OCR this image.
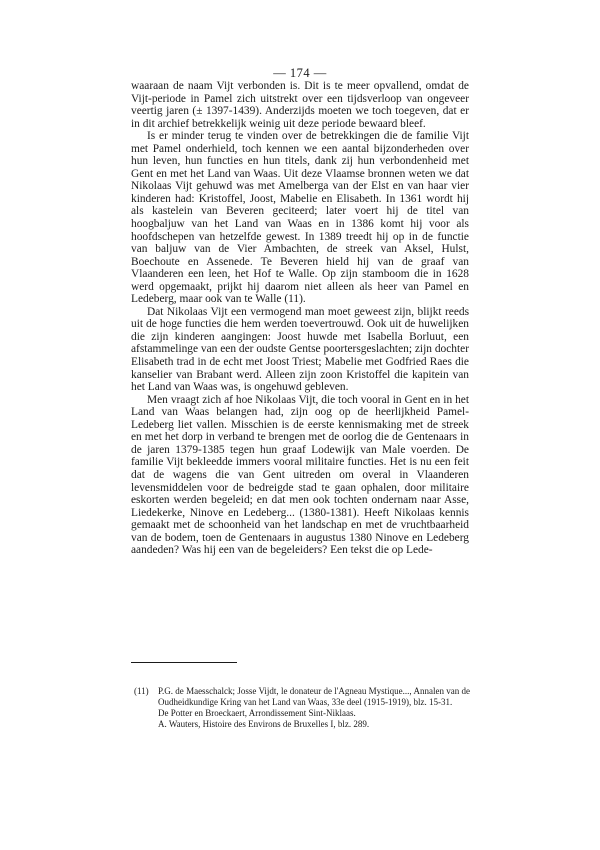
— 174 —

waaraan de naam Vijt verbonden is. Dit is te meer opvallend, omdat de Vijt-periode in Pamel zich uitstrekt over een tijdsverloop van ongeveer veertig jaren (± 1397-1439). Anderzijds moeten we toch toegeven, dat er in dit archief betrekkelijk weinig uit deze periode bewaard bleef.

Is er minder terug te vinden over de betrekkingen die de familie Vijt met Pamel onderhield, toch kennen we een aantal bijzonderheden over hun leven, hun functies en hun titels, dank zij hun verbondenheid met Gent en met het Land van Waas. Uit deze Vlaamse bronnen weten we dat Nikolaas Vijt gehuwd was met Amelberga van der Elst en van haar vier kinderen had: Kristoffel, Joost, Mabelie en Elisabeth. In 1361 wordt hij als kastelein van Beveren geciteerd; later voert hij de titel van hoogbaljuw van het Land van Waas en in 1386 komt hij voor als hoofdschepen van hetzelfde gewest. In 1389 treedt hij op in de functie van baljuw van de Vier Ambachten, de streek van Aksel, Hulst, Boechoute en Assenede. Te Beveren hield hij van de graaf van Vlaanderen een leen, het Hof te Walle. Op zijn stamboom die in 1628 werd opgemaakt, prijkt hij daarom niet alleen als heer van Pamel en Ledeberg, maar ook van te Walle (11).

Dat Nikolaas Vijt een vermogend man moet geweest zijn, blijkt reeds uit de hoge functies die hem werden toevertrouwd. Ook uit de huwelijken die zijn kinderen aangingen: Joost huwde met Isabella Borluut, een afstammelinge van een der oudste Gentse poortersgeslachten; zijn dochter Elisabeth trad in de echt met Joost Triest; Mabelie met Godfried Raes die kanselier van Brabant werd. Alleen zijn zoon Kristoffel die kapitein van het Land van Waas was, is ongehuwd gebleven.

Men vraagt zich af hoe Nikolaas Vijt, die toch vooral in Gent en in het Land van Waas belangen had, zijn oog op de heerlijkheid Pamel-Ledeberg liet vallen. Misschien is de eerste kennismaking met de streek en met het dorp in verband te brengen met de oorlog die de Gentenaars in de jaren 1379-1385 tegen hun graaf Lodewijk van Male voerden. De familie Vijt bekleedde immers vooral militaire functies. Het is nu een feit dat de wagens die van Gent uitreden om overal in Vlaanderen levensmiddelen voor de bedreigde stad te gaan ophalen, door militaire eskorten werden begeleid; en dat men ook tochten ondernam naar Asse, Liedekerke, Ninove en Ledeberg... (1380-1381). Heeft Nikolaas kennis gemaakt met de schoonheid van het landschap en met de vruchtbaarheid van de bodem, toen de Gentenaars in augustus 1380 Ninove en Ledeberg aandeden? Was hij een van de begeleiders? Een tekst die op Lede-

(11)	P.G. de Maesschalck; Josse Vijdt, le donateur de l'Agneau Mystique..., Annalen van de Oudheidkundige Kring van het Land van Waas, 33e deel (1915-1919), blz. 15-31.
De Potter en Broeckaert, Arrondissement Sint-Niklaas.
A. Wauters, Histoire des Environs de Bruxelles I, blz. 289.
